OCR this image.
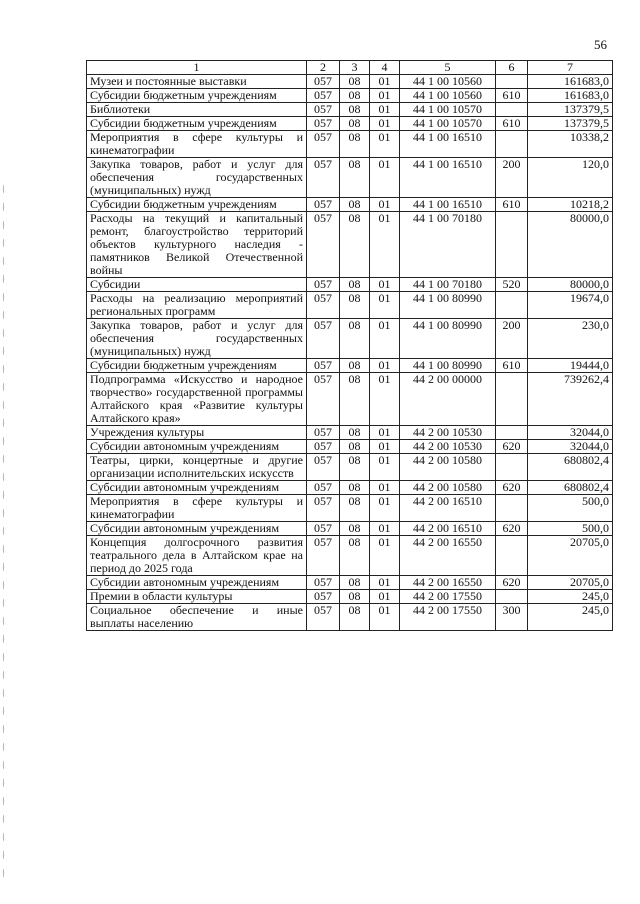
56
1	2	3	4	5	6	7
Музеи и постоянные выставки	057	08	01	44 1 00 10560		161683,0
Субсидии бюджетным учреждениям	057	08	01	44 1 00 10560	610	161683,0
Библиотеки	057	08	01	44 1 00 10570		137379,5
Субсидии бюджетным учреждениям	057	08	01	44 1 00 10570	610	137379,5
Мероприятия в сфере культуры и кинематографии	057	08	01	44 1 00 16510		10338,2
Закупка товаров, работ и услуг для обеспечения государственных (муниципальных) нужд	057	08	01	44 1 00 16510	200	120,0
Субсидии бюджетным учреждениям	057	08	01	44 1 00 16510	610	10218,2
Расходы на текущий и капитальный ремонт, благоустройство территорий объектов культурного наследия - памятников Великой Отечественной войны	057	08	01	44 1 00 70180		80000,0
Субсидии	057	08	01	44 1 00 70180	520	80000,0
Расходы на реализацию мероприятий региональных программ	057	08	01	44 1 00 80990		19674,0
Закупка товаров, работ и услуг для обеспечения государственных (муниципальных) нужд	057	08	01	44 1 00 80990	200	230,0
Субсидии бюджетным учреждениям	057	08	01	44 1 00 80990	610	19444,0
Подпрограмма «Искусство и народное творчество» государственной программы Алтайского края «Развитие культуры Алтайского края»	057	08	01	44 2 00 00000		739262,4
Учреждения культуры	057	08	01	44 2 00 10530		32044,0
Субсидии автономным учреждениям	057	08	01	44 2 00 10530	620	32044,0
Театры, цирки, концертные и другие организации исполнительских искусств	057	08	01	44 2 00 10580		680802,4
Субсидии автономным учреждениям	057	08	01	44 2 00 10580	620	680802,4
Мероприятия в сфере культуры и кинематографии	057	08	01	44 2 00 16510		500,0
Субсидии автономным учреждениям	057	08	01	44 2 00 16510	620	500,0
Концепция долгосрочного развития театрального дела в Алтайском крае на период до 2025 года	057	08	01	44 2 00 16550		20705,0
Субсидии автономным учреждениям	057	08	01	44 2 00 16550	620	20705,0
Премии в области культуры	057	08	01	44 2 00 17550		245,0
Социальное обеспечение и иные выплаты населению	057	08	01	44 2 00 17550	300	245,0
